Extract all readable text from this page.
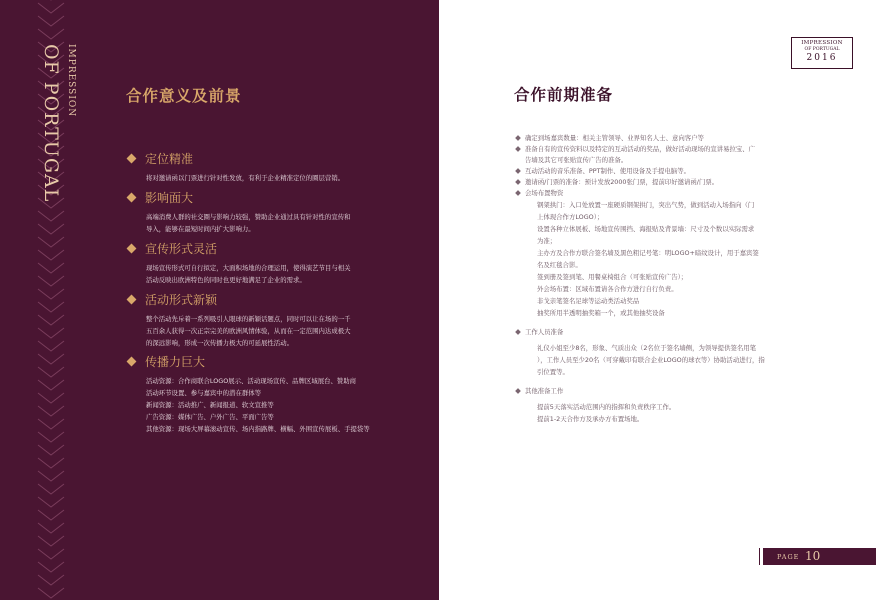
OF PORTUGAL IMPRESSION	合作意义及前景
定位精准
将对邀请函以门票进行针对性发放，有利于企业精准定位的圈层营销。
影响面大
高端消费人群的社交圈与影响力较强，赞助企业通过具有针对性的宣传和
导入，能够在最短时间内扩大影响力。
宣传形式灵活
现场宣传形式可自行拟定，大面积场地的合理运用，使得演艺节目与相关
活动反映出欧洲特色的同时也更好地满足了企业的需求。
活动形式新颖
整个活动先斥着一系列吸引人眼球的新颖话题点，同时可以让在场的一千
五百余人获得一次正宗完美的欧洲风情体验，从而在一定范围内达成极大
的深远影响，形成一次传播力极大的可延展性活动。
传播力巨大
活动资源：合作商联合LOGO展示、活动现场宣传、品牌区域展台、赞助商
活动环节设置、参与嘉宾中的潜在群体等
新闻资源：活动推广、新闻报道、软文宣推等
广告资源：媒体广告、户外广告、平面广告等
其他资源：现场大屏幕滚动宣传、场内指路牌、横幅、外围宣传展板、手提袋等
IMPRESSION
OF PORTUGAL
2016
合作前期准备
确定到场嘉宾数量：相关主管领导、业界知名人士、意向客户等
准备自有的宣传资料以及特定的互动活动的奖品，做好活动现场的宣讲易拉宝、广
告墙及其它可张贴宣传广告的准备。
互动活动的音乐准备、PPT制作、使用设备及手提电脑等。
邀请函/门票的准备：预计发放2000张门票，提前印好邀请函/门票。
会场布置物资
钢架拱门：入口处放置一座硬质钢架拱门，突出气势，做到活动入场指向（门
上体现合作方LOGO）；
设置各种立体展板、场地宣传围挡、海报贴及背景墙：尺寸及个数以实际需求
为准；
主办方及合作方联合签名墙及黑色粗记号笔：明LOGO+暗纹设计，用于嘉宾签
名及红毯合影。
签到册及签到笔、用餐桌椅组合（可张贴宣传广告）；
外会场布置：区域布置请各合作方进行自行负责。
非戈亲笔签名足球等运动类活动奖品
抽奖所用半透明抽奖箱一个，或其他抽奖设备
工作人员准备
礼仪小姐至少8名，形象、气质出众（2名位于签名墙侧，为领导提供签名用笔
），工作人员至少20名（可穿戴印有联合企业LOGO的球衣等）协助活动进行，指
引位置等。
其他准备工作
提前5天落实活动范围内的指挥和负责秩序工作。
提前1-2天合作方及承办方布置场地。
PAGE 10
